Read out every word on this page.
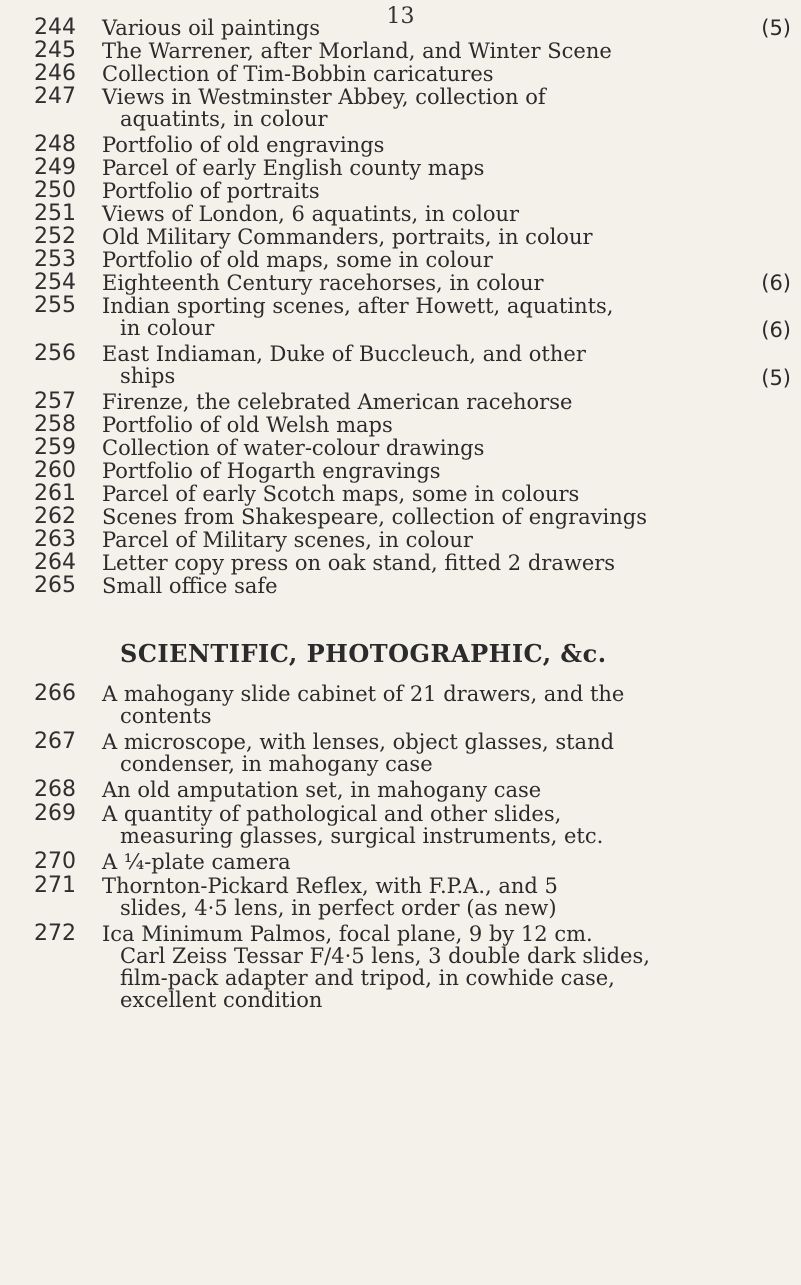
13
244	Various oil paintings	(5)
245	The Warrener, after Morland, and Winter Scene
246	Collection of Tim-Bobbin caricatures
247	Views in Westminster Abbey, collection of
aquatints, in colour
248	Portfolio of old engravings
249	Parcel of early English county maps
250	Portfolio of portraits
251	Views of London, 6 aquatints, in colour
252	Old Military Commanders, portraits, in colour
253	Portfolio of old maps, some in colour
254	Eighteenth Century racehorses, in colour	(6)
255	Indian sporting scenes, after Howett, aquatints,
in colour	(6)
256	East Indiaman, Duke of Buccleuch, and other
ships	(5)
257	Firenze, the celebrated American racehorse
258	Portfolio of old Welsh maps
259	Collection of water-colour drawings
260	Portfolio of Hogarth engravings
261	Parcel of early Scotch maps, some in colours
262	Scenes from Shakespeare, collection of engravings
263	Parcel of Military scenes, in colour
264	Letter copy press on oak stand, fitted 2 drawers
265	Small office safe
SCIENTIFIC, PHOTOGRAPHIC, &c.
266	A mahogany slide cabinet of 21 drawers, and the
contents
267	A microscope, with lenses, object glasses, stand
condenser, in mahogany case
268	An old amputation set, in mahogany case
269	A quantity of pathological and other slides,
measuring glasses, surgical instruments, etc.
270	A ¼-plate camera
271	Thornton-Pickard Reflex, with F.P.A., and 5
slides, 4·5 lens, in perfect order (as new)
272	Ica Minimum Palmos, focal plane, 9 by 12 cm.
Carl Zeiss Tessar F/4·5 lens, 3 double dark slides,
film-pack adapter and tripod, in cowhide case,
excellent condition
